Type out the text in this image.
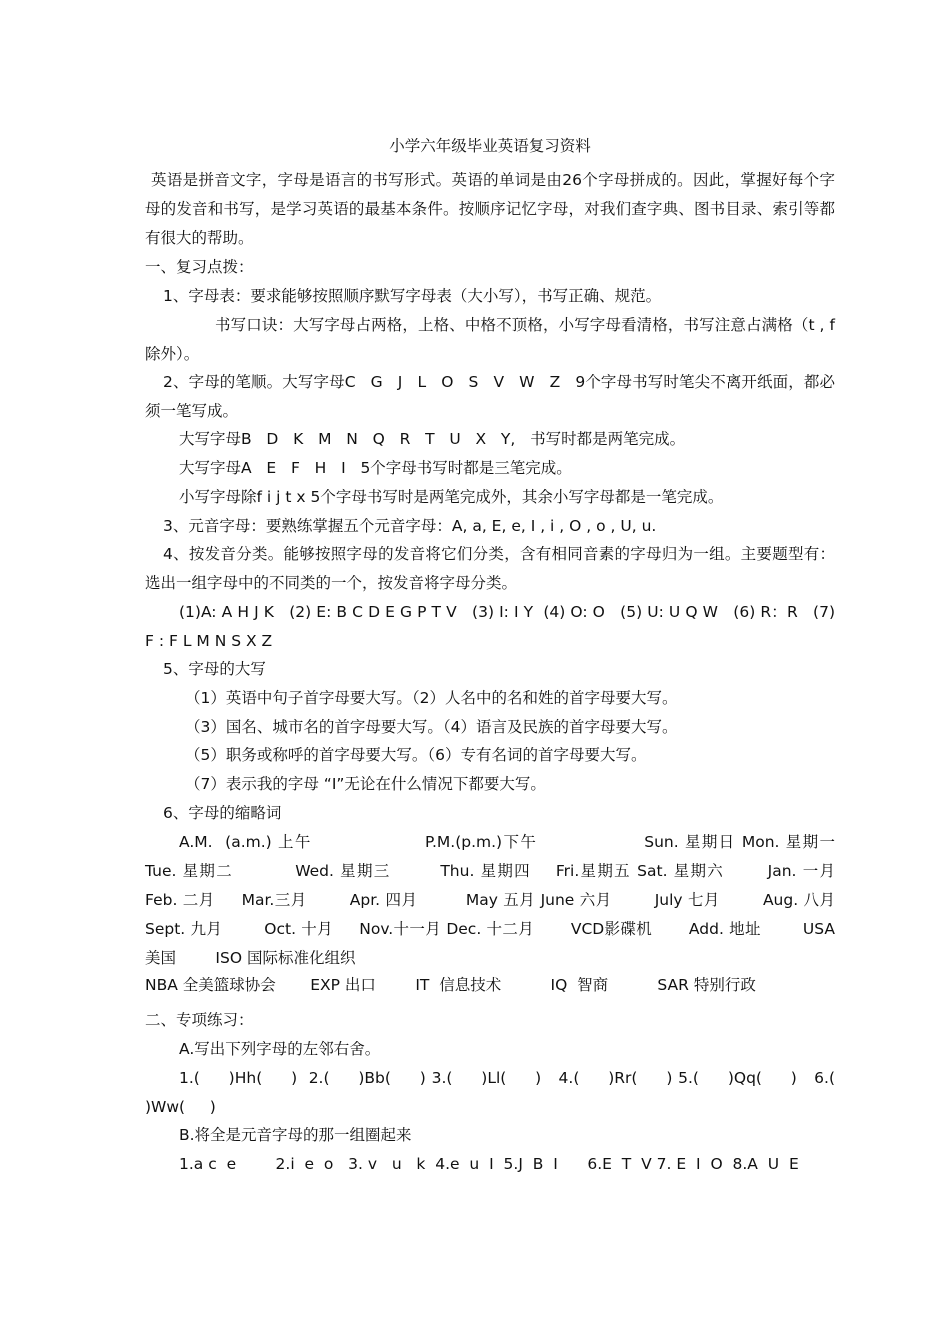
小学六年级毕业英语复习资料
英语是拼音文字，字母是语言的书写形式。英语的单词是由26个字母拼成的。因此，掌握好每个字母的发音和书写，是学习英语的最基本条件。按顺序记忆字母，对我们查字典、图书目录、索引等都有很大的帮助。
一、复习点拨：
1、字母表：要求能够按照顺序默写字母表（大小写），书写正确、规范。
书写口诀：大写字母占两格，上格、中格不顶格，小写字母看清格，书写注意占满格（t , f 除外）。
2、字母的笔顺。大写字母C   G   J   L   O   S   V   W   Z   9个字母书写时笔尖不离开纸面，都必须一笔写成。
大写字母B   D   K   M   N   Q   R   T   U   X   Y,   书写时都是两笔完成。
大写字母A   E   F   H   I   5个字母书写时都是三笔完成。
小写字母除f i j t x 5个字母书写时是两笔完成外，其余小写字母都是一笔完成。
3、元音字母：要熟练掌握五个元音字母：A, a, E, e, I , i , O , o , U, u.
4、按发音分类。能够按照字母的发音将它们分类，含有相同音素的字母归为一组。主要题型有：选出一组字母中的不同类的一个，按发音将字母分类。
(1)A: A H J K   (2) E: B C D E G P T V   (3) I: I Y  (4) O: O   (5) U: U Q W   (6) R：R   (7) F : F L M N S X Z
5、字母的大写
（1）英语中句子首字母要大写。（2）人名中的名和姓的首字母要大写。
（3）国名、城市名的首字母要大写。（4）语言及民族的首字母要大写。
（5）职务或称呼的首字母要大写。（6）专有名词的首字母要大写。
（7）表示我的字母 “I”无论在什么情况下都要大写。
6、字母的缩略词
A.M.  (a.m.) 上午                  P.M.(p.m.)下午                 Sun. 星期日 Mon. 星期一         Tue. 星期二          Wed. 星期三        Thu. 星期四    Fri.星期五 Sat. 星期六       Jan. 一月        Feb. 二月     Mar.三月        Apr. 四月         May 五月 June 六月        July 七月        Aug. 八月       Sept. 九月        Oct. 十月     Nov.十一月 Dec. 十二月       VCD影碟机       Add. 地址        USA 美国        ISO 国际标准化组织
NBA 全美篮球协会       EXP 出口        IT  信息技术          IQ  智商          SAR 特别行政
二、专项练习：
A.写出下列字母的左邻右舍。
1.(     )Hh(     )  2.(     )Bb(     ) 3.(     )Ll(     )   4.(     )Rr(     ) 5.(     )Qq(     )   6.(     )Ww(     )
B.将全是元音字母的那一组圈起来
1.a c  e        2.i  e  o   3. v   u   k  4.e  u  I  5.J  B  I      6.E  T  V 7. E  I  O  8.A  U  E
